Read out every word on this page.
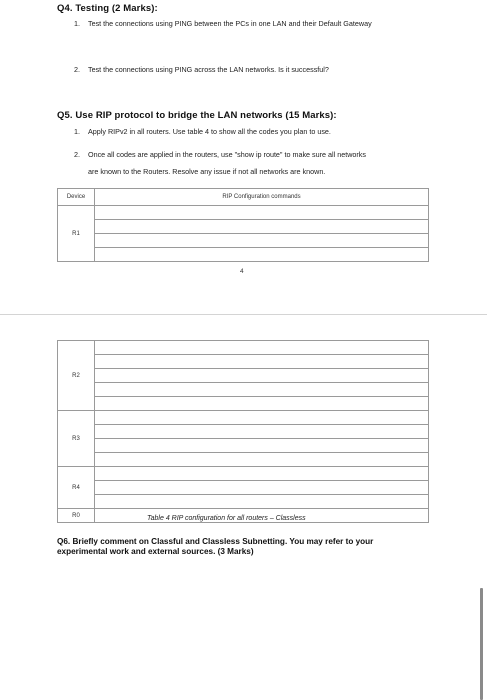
Q4. Testing (2 Marks):
1. Test the connections using PING between the PCs in one LAN and their Default Gateway
2. Test the connections using PING across the LAN networks. Is it successful?
Q5. Use RIP protocol to bridge the LAN networks (15 Marks):
1. Apply RIPv2 in all routers. Use table 4 to show all the codes you plan to use.
2. Once all codes are applied in the routers, use "show ip route" to make sure all networks
are known to the Routers. Resolve any issue if not all networks are known.
Device	RIP Configuration commands
R1	

4
R2	

R3	

R4	

R0		Table 4 RIP configuration for all routers – Classless
Q6. Briefly comment on Classful and Classless Subnetting. You may refer to your
experimental work and external sources. (3 Marks)
